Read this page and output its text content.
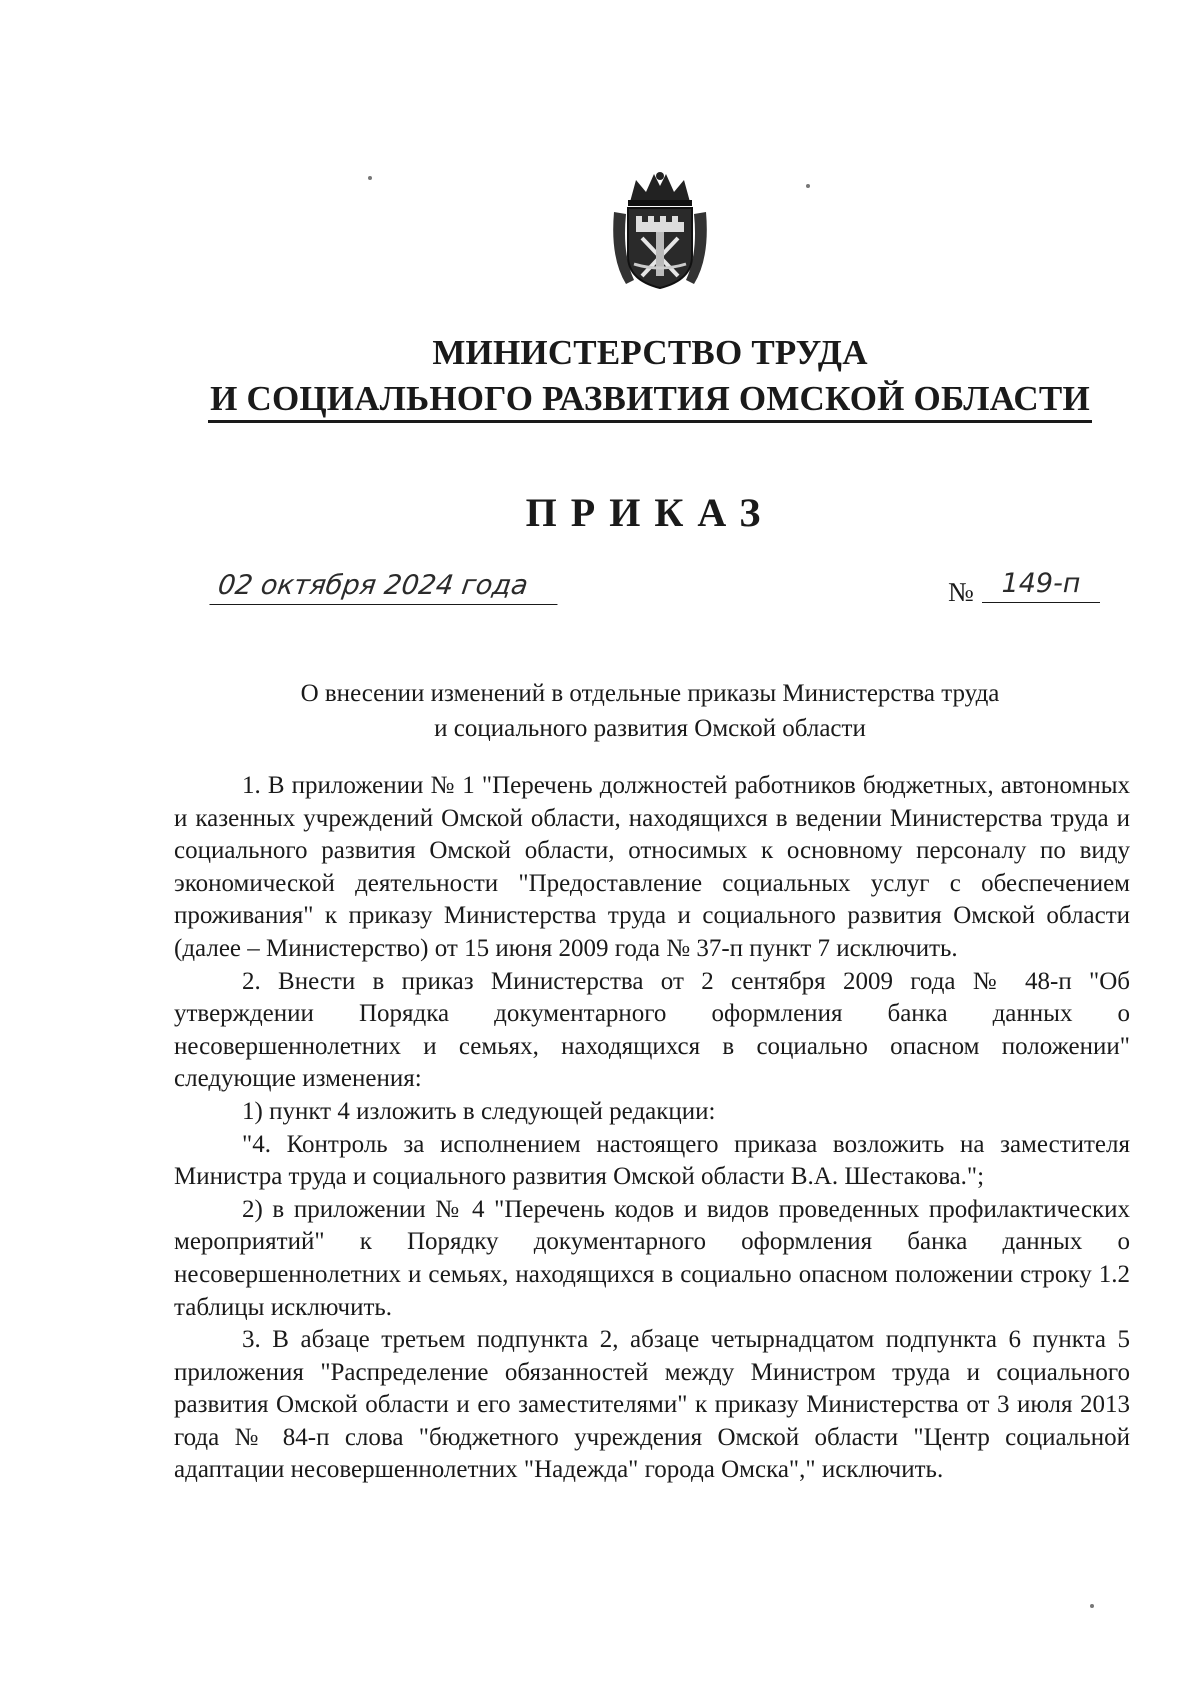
МИНИСТЕРСТВО ТРУДА
И СОЦИАЛЬНОГО РАЗВИТИЯ ОМСКОЙ ОБЛАСТИ
ПРИКАЗ
02 октября 2024 года	№	149-п
О внесении изменений в отдельные приказы Министерства труда
и социального развития Омской области

1. В приложении № 1 "Перечень должностей работников бюджетных, автономных и казенных учреждений Омской области, находящихся в ведении Министерства труда и социального развития Омской области, относимых к основному персоналу по виду экономической деятельности "Предоставление социальных услуг с обеспечением проживания" к приказу Министерства труда и социального развития Омской области (далее – Министерство) от 15 июня 2009 года № 37-п пункт 7 исключить.

2. Внести в приказ Министерства от 2 сентября 2009 года № 48-п "Об утверждении Порядка документарного оформления банка данных о несовершеннолетних и семьях, находящихся в социально опасном положении" следующие изменения:

1) пункт 4 изложить в следующей редакции:

"4. Контроль за исполнением настоящего приказа возложить на заместителя Министра труда и социального развития Омской области В.А. Шестакова.";

2) в приложении № 4 "Перечень кодов и видов проведенных профилактических мероприятий" к Порядку документарного оформления банка данных о несовершеннолетних и семьях, находящихся в социально опасном положении строку 1.2 таблицы исключить.

3. В абзаце третьем подпункта 2, абзаце четырнадцатом подпункта 6 пункта 5 приложения "Распределение обязанностей между Министром труда и социального развития Омской области и его заместителями" к приказу Министерства от 3 июля 2013 года № 84-п слова "бюджетного учреждения Омской области "Центр социальной адаптации несовершеннолетних "Надежда" города Омска"," исключить.
